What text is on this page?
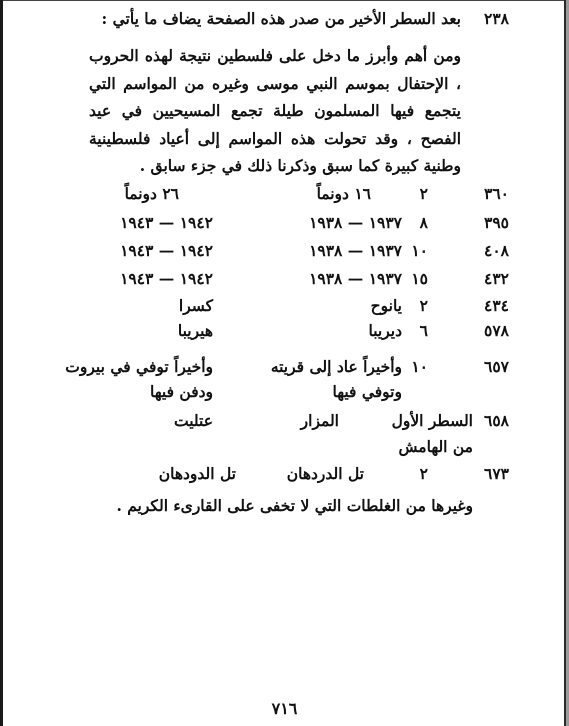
٢٣٨
بعد السطر الأخير من صدر هذه الصفحة يضاف ما يأتي :
ومن أهم وأبرز ما دخل على فلسطين نتيجة لهذه الحروب ، الإحتفال بموسم النبي موسى وغيره من المواسم التي يتجمع فيها المسلمون طيلة تجمع المسيحيين في عيد الفصح ، وقد تحولت هذه المواسم إلى أعياد فلسطينية وطنية كبيرة كما سبق وذكرنا ذلك في جزء سابق .
٣٦٠
٢
١٦ دونماً
٢٦ دونماً
٣٩٥
٨
١٩٣٧ — ١٩٣٨
١٩٤٢ — ١٩٤٣
٤٠٨
١٠
١٩٣٧ — ١٩٣٨
١٩٤٢ — ١٩٤٣
٤٣٢
١٥
١٩٣٧ — ١٩٣٨
١٩٤٢ — ١٩٤٣
٤٣٤
٢
يانوح
كسرا
٥٧٨
٦
ديريبا
هيريبا
٦٥٧
١٠
وأخيراً عاد إلى قريته
وتوفي فيها
وأخيراً توفي في بيروت
ودفن فيها
٦٥٨
السطر الأول
من الهامش
المزار
عتليت
٦٧٣
٢
تل الدردهان
تل الدودهان
وغيرها من الغلطات التي لا تخفى على القارىء الكريم .
٧١٦
